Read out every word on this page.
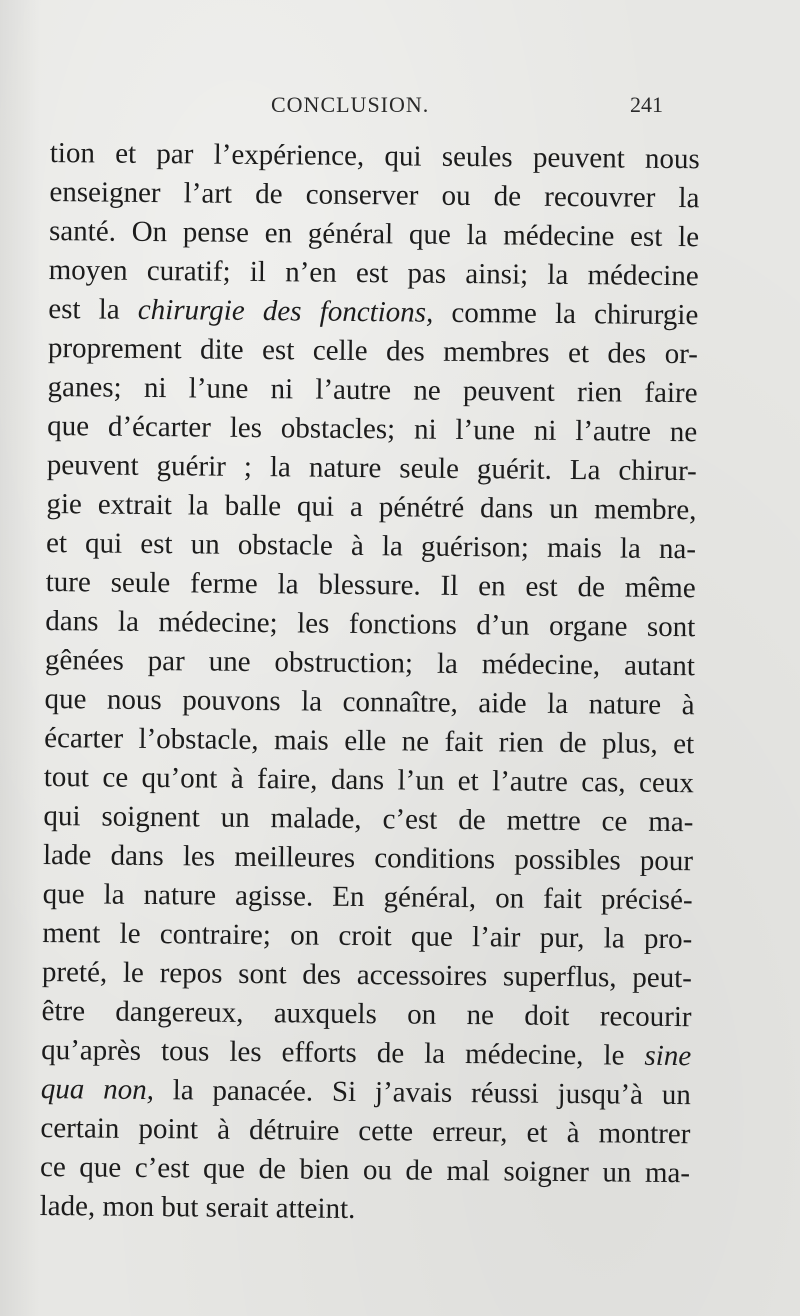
CONCLUSION.	241
tion et par l’expérience, qui seules peuvent nous
enseigner l’art de conserver ou de recouvrer la
santé. On pense en général que la médecine est le
moyen curatif; il n’en est pas ainsi; la médecine
est la chirurgie des fonctions, comme la chirurgie
proprement dite est celle des membres et des or-
ganes; ni l’une ni l’autre ne peuvent rien faire
que d’écarter les obstacles; ni l’une ni l’autre ne
peuvent guérir ; la nature seule guérit. La chirur-
gie extrait la balle qui a pénétré dans un membre,
et qui est un obstacle à la guérison; mais la na-
ture seule ferme la blessure. Il en est de même
dans la médecine; les fonctions d’un organe sont
gênées par une obstruction; la médecine, autant
que nous pouvons la connaître, aide la nature à
écarter l’obstacle, mais elle ne fait rien de plus, et
tout ce qu’ont à faire, dans l’un et l’autre cas, ceux
qui soignent un malade, c’est de mettre ce ma-
lade dans les meilleures conditions possibles pour
que la nature agisse. En général, on fait précisé-
ment le contraire; on croit que l’air pur, la pro-
preté, le repos sont des accessoires superflus, peut-
être dangereux, auxquels on ne doit recourir
qu’après tous les efforts de la médecine, le sine
qua non, la panacée. Si j’avais réussi jusqu’à un
certain point à détruire cette erreur, et à montrer
ce que c’est que de bien ou de mal soigner un ma-
lade, mon but serait atteint.
